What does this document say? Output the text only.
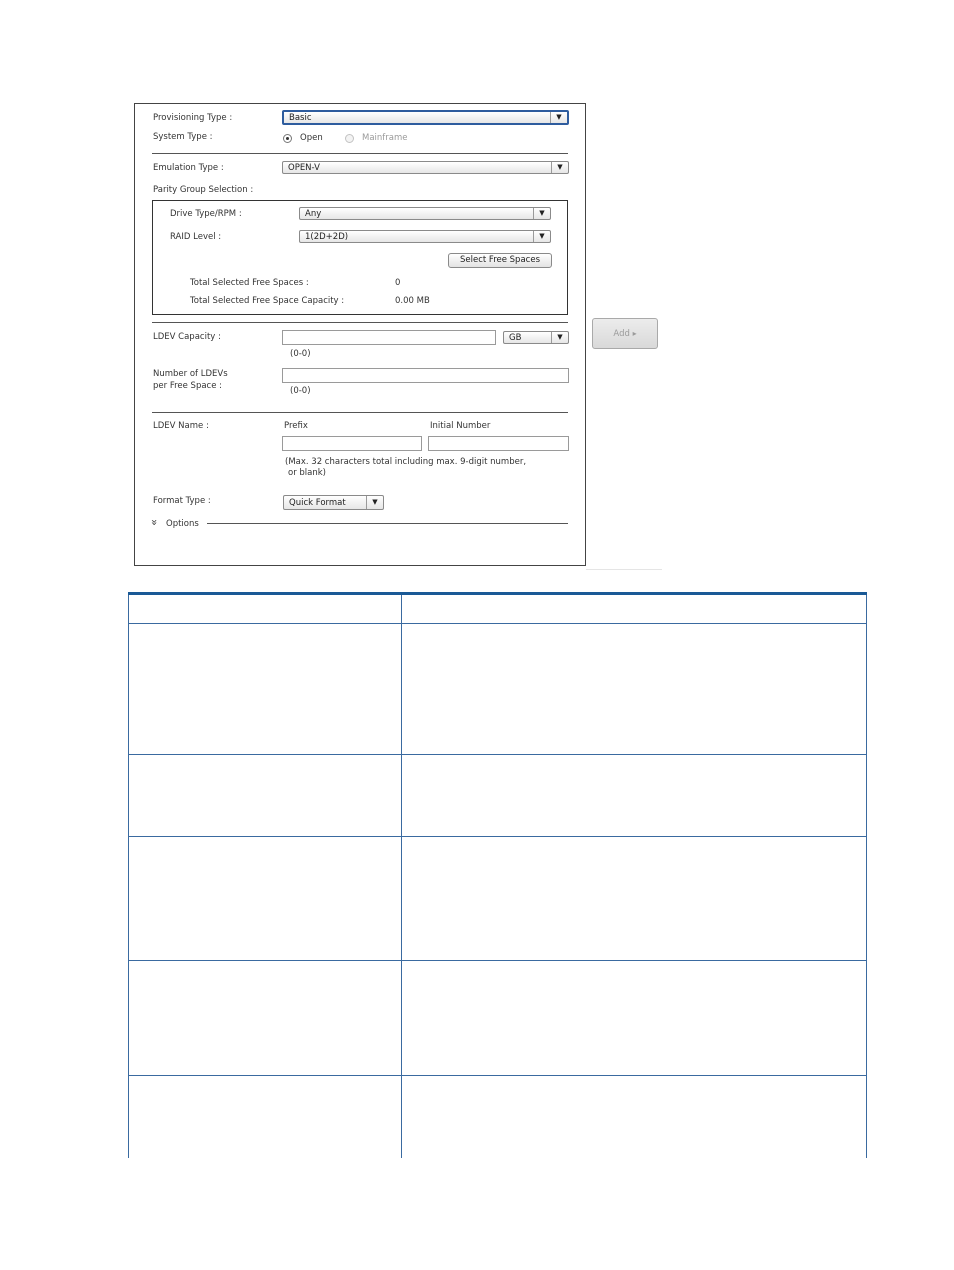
Provisioning Type :	Basic	▼
System Type :	Open	Mainframe
Emulation Type :	OPEN-V	▼
Parity Group Selection :
Drive Type/RPM :	Any	▼
RAID Level :	1(2D+2D)	▼
Select Free Spaces
Total Selected Free Spaces :	0
Total Selected Free Space Capacity :	0.00 MB
LDEV Capacity :	GB	▼
(0-0)
Number of LDEVs
per Free Space :	(0-0)
LDEV Name :	Prefix	Initial Number
(Max. 32 characters total including max. 9-digit number,
or blank)
Format Type :	Quick Format	▼
» Options
Add ▸
